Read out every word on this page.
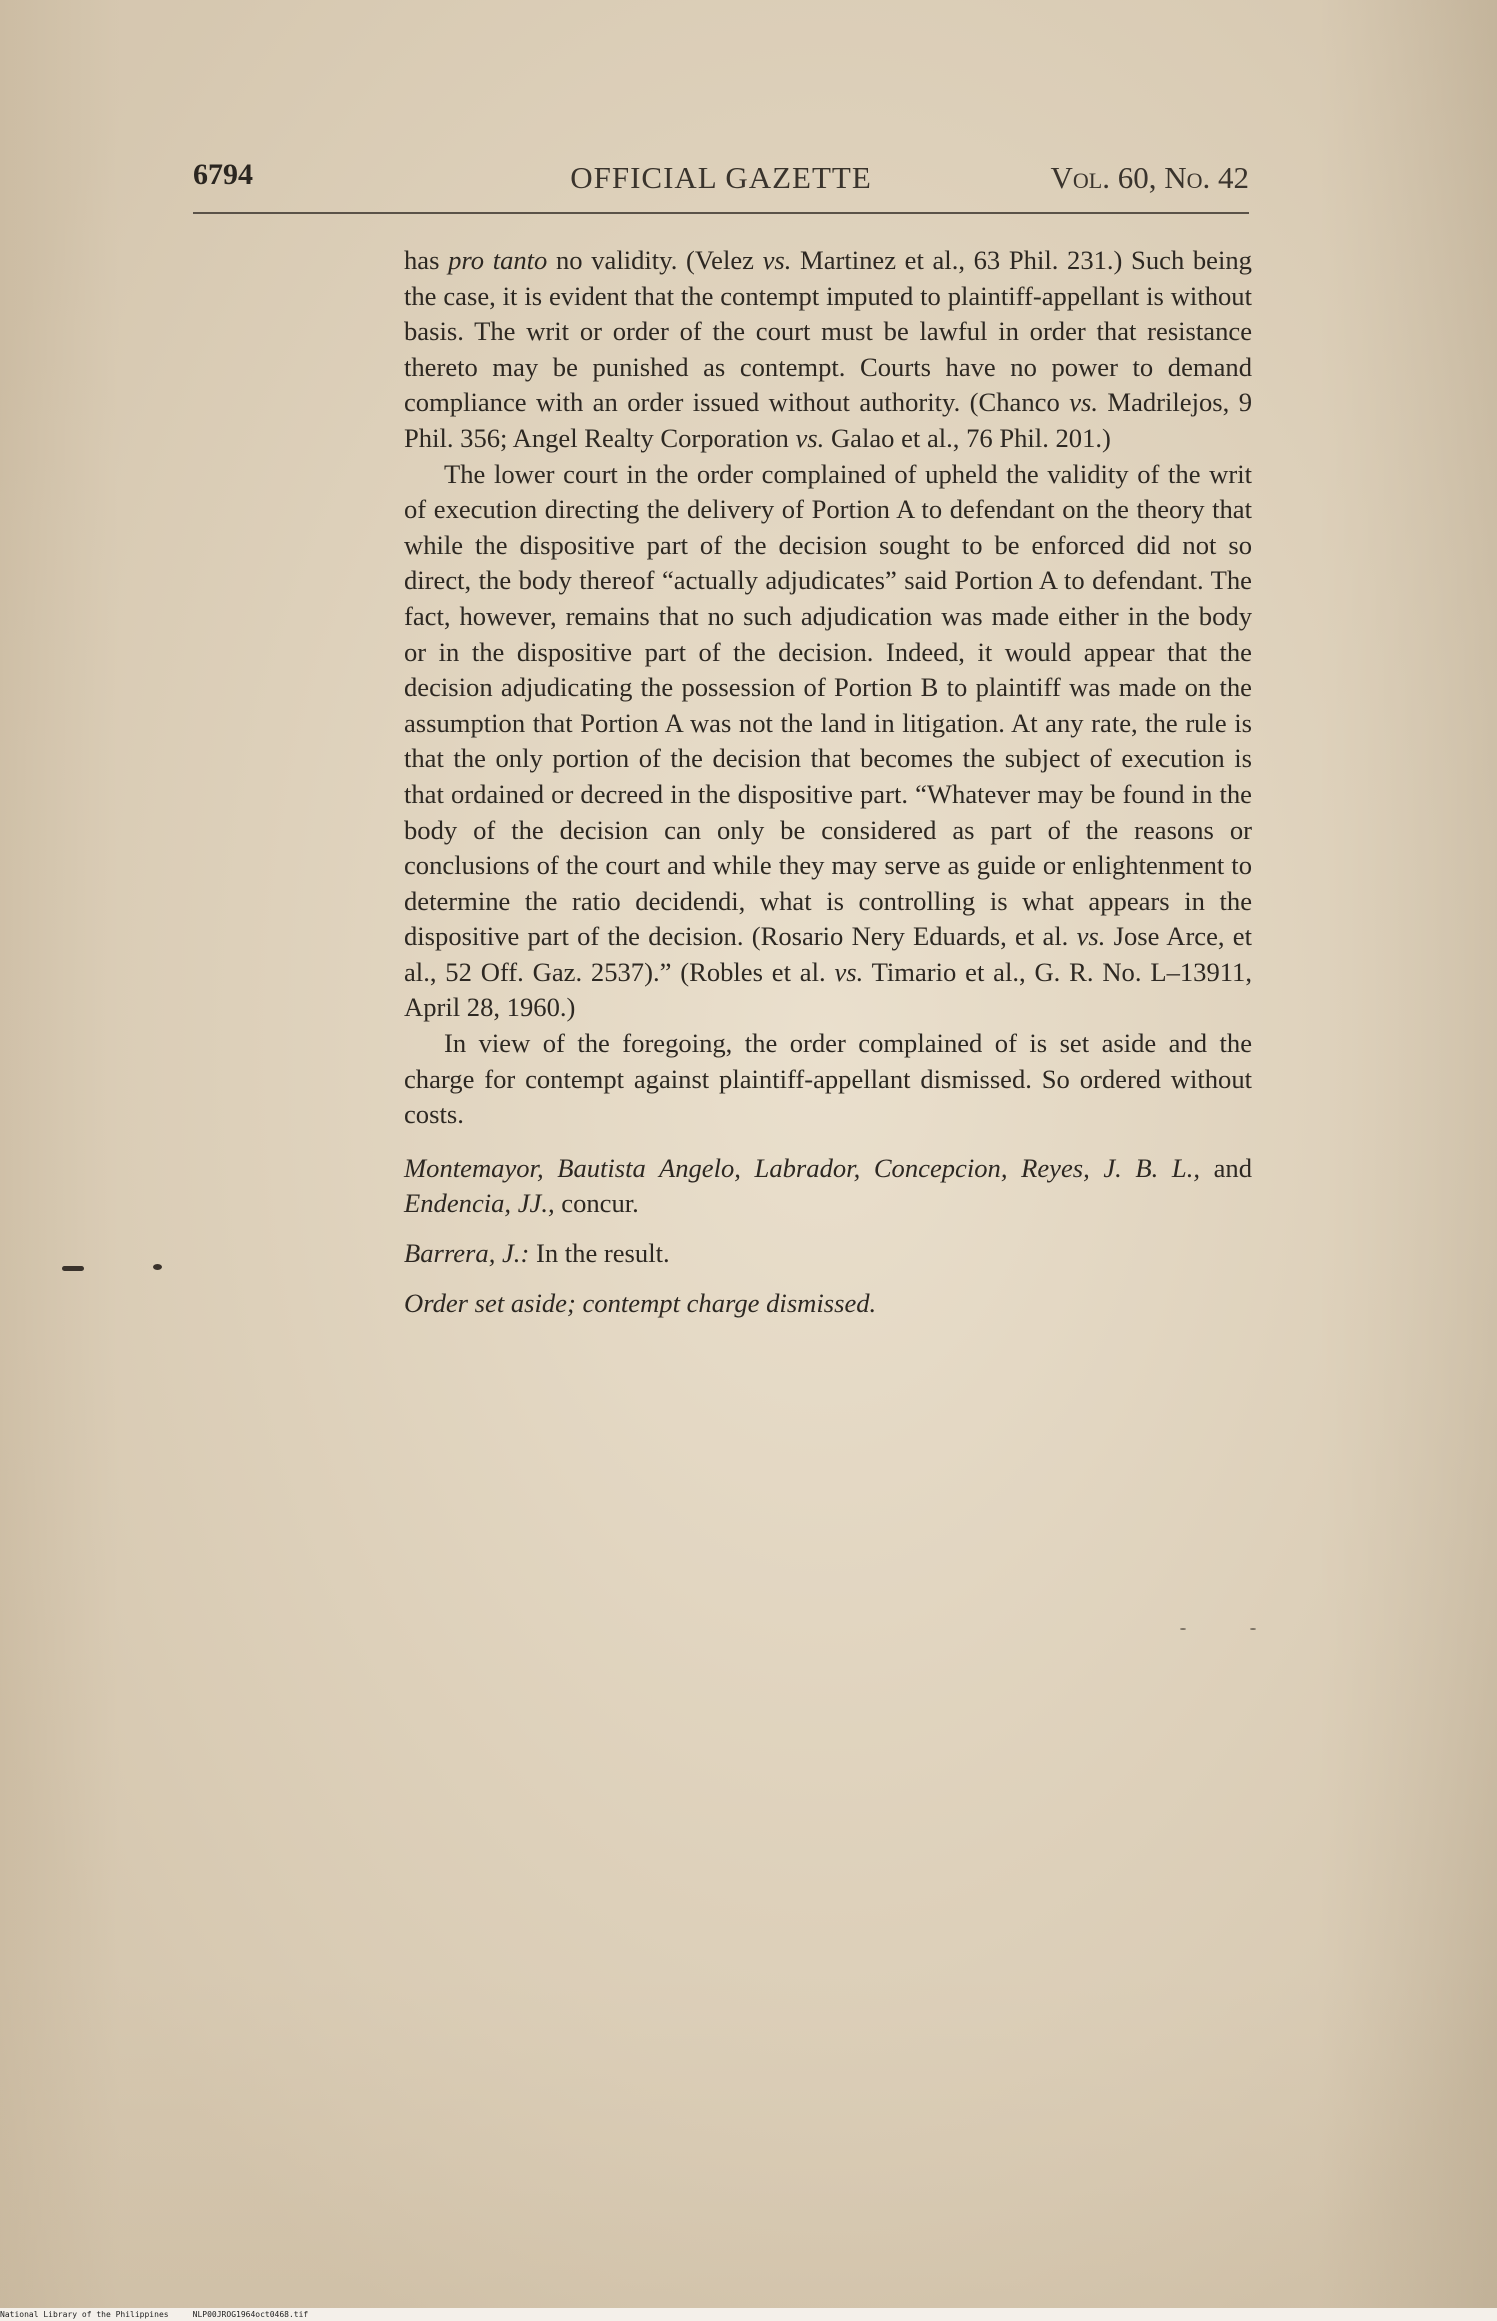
6794	OFFICIAL GAZETTE	Vol. 60, No. 42

has pro tanto no validity. (Velez vs. Martinez et al., 63 Phil. 231.) Such being the case, it is evident that the contempt imputed to plaintiff-appellant is without basis. The writ or order of the court must be lawful in order that resistance thereto may be punished as contempt. Courts have no power to demand compliance with an order issued without authority. (Chanco vs. Madrilejos, 9 Phil. 356; Angel Realty Corporation vs. Galao et al., 76 Phil. 201.)

The lower court in the order complained of upheld the validity of the writ of execution directing the delivery of Portion A to defendant on the theory that while the dispositive part of the decision sought to be enforced did not so direct, the body thereof “actually adjudicates” said Portion A to defendant. The fact, however, remains that no such adjudication was made either in the body or in the dispositive part of the decision. Indeed, it would appear that the decision adjudicating the possession of Portion B to plaintiff was made on the assumption that Portion A was not the land in litigation. At any rate, the rule is that the only portion of the decision that becomes the subject of execution is that ordained or decreed in the dispositive part. “Whatever may be found in the body of the decision can only be considered as part of the reasons or conclusions of the court and while they may serve as guide or enlightenment to determine the ratio decidendi, what is controlling is what appears in the dispositive part of the decision. (Rosario Nery Eduards, et al. vs. Jose Arce, et al., 52 Off. Gaz. 2537).” (Robles et al. vs. Timario et al., G. R. No. L–13911, April 28, 1960.)

In view of the foregoing, the order complained of is set aside and the charge for contempt against plaintiff-appellant dismissed. So ordered without costs.

Montemayor, Bautista Angelo, Labrador, Concepcion, Reyes, J. B. L., and Endencia, JJ., concur.

Barrera, J.: In the result.

Order set aside; contempt charge dismissed.

National Library of the Philippines     NLP00JROG1964oct0468.tif
